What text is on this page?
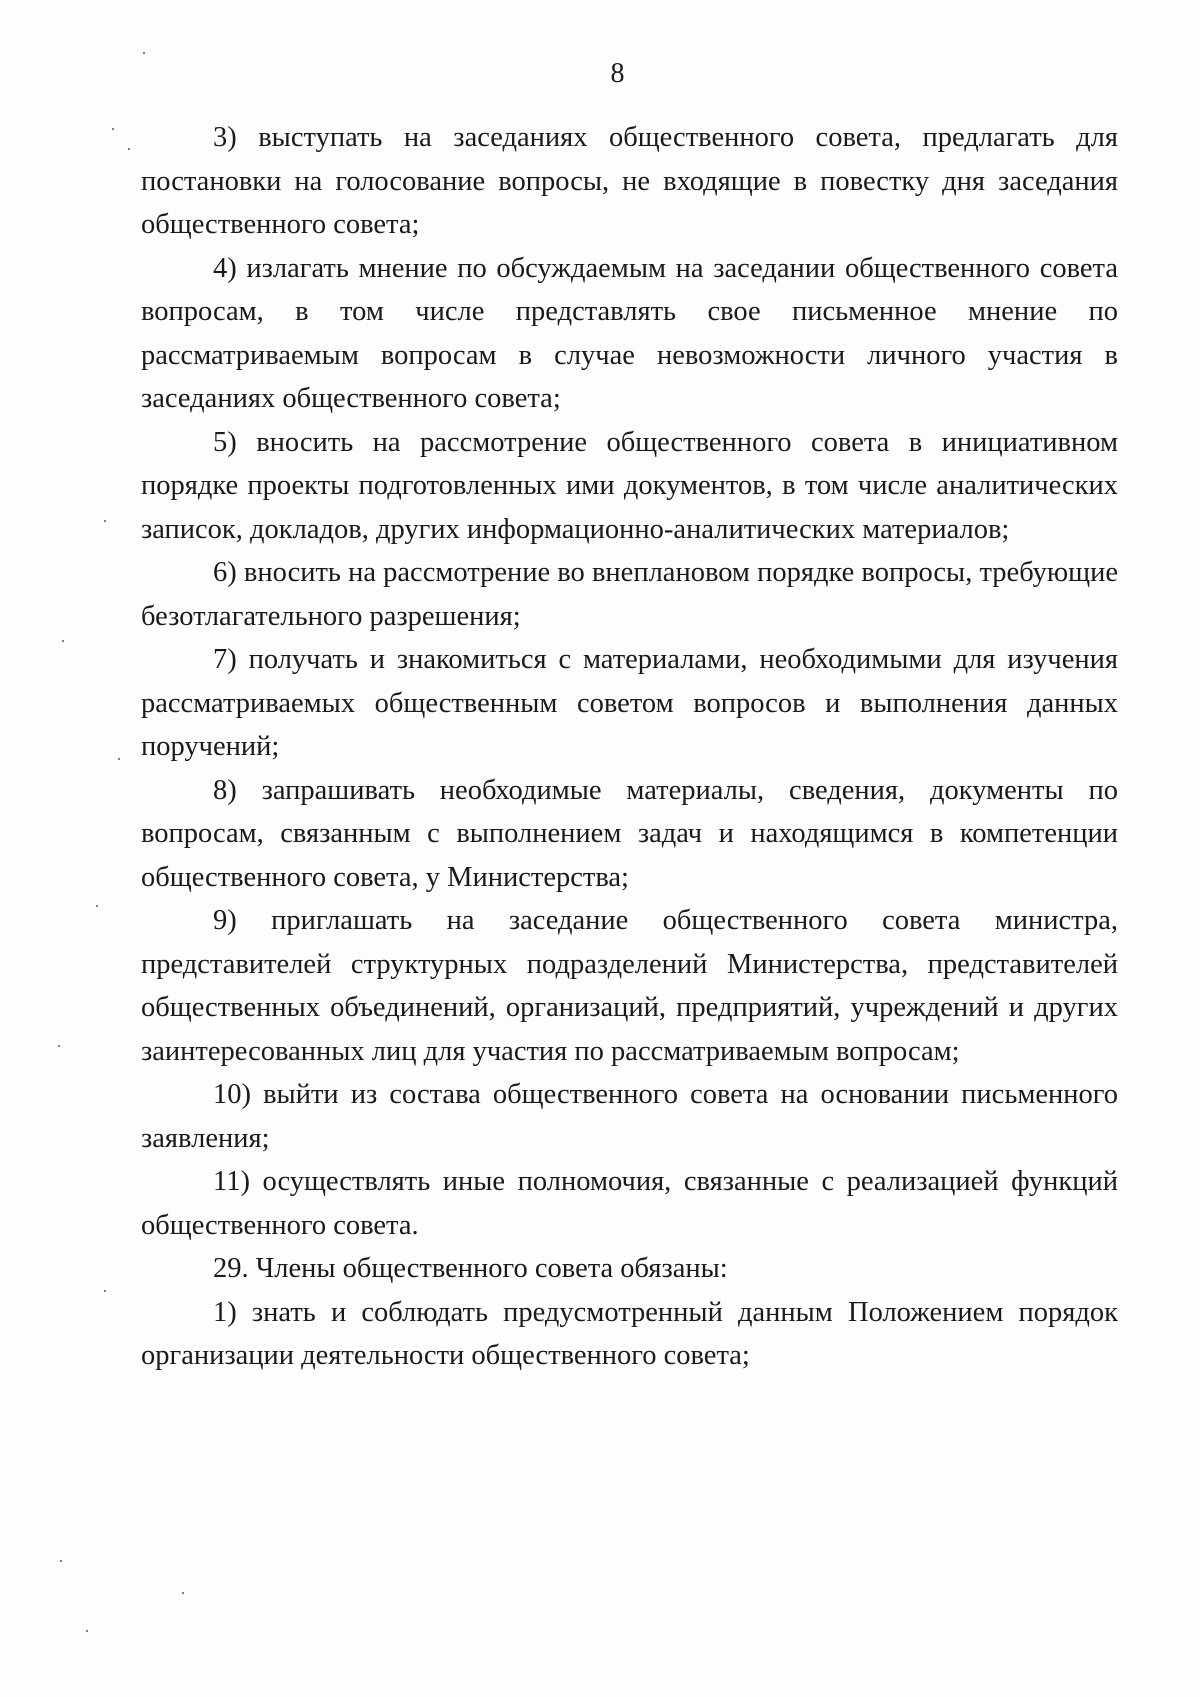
8

3) выступать на заседаниях общественного совета, предлагать для постановки на голосование вопросы, не входящие в повестку дня заседания общественного совета;

4) излагать мнение по обсуждаемым на заседании общественного совета вопросам, в том числе представлять свое письменное мнение по рассматриваемым вопросам в случае невозможности личного участия в заседаниях общественного совета;

5) вносить на рассмотрение общественного совета в инициативном порядке проекты подготовленных ими документов, в том числе аналитических записок, докладов, других информационно-аналитических материалов;

6) вносить на рассмотрение во внеплановом порядке вопросы, требующие безотлагательного разрешения;

7) получать и знакомиться с материалами, необходимыми для изучения рассматриваемых общественным советом вопросов и выполнения данных поручений;

8) запрашивать необходимые материалы, сведения, документы по вопросам, связанным с выполнением задач и находящимся в компетенции общественного совета, у Министерства;

9) приглашать на заседание общественного совета министра, представителей структурных подразделений Министерства, представителей общественных объединений, организаций, предприятий, учреждений и других заинтересованных лиц для участия по рассматриваемым вопросам;

10) выйти из состава общественного совета на основании письменного заявления;

11) осуществлять иные полномочия, связанные с реализацией функций общественного совета.

29. Члены общественного совета обязаны:

1) знать и соблюдать предусмотренный данным Положением порядок организации деятельности общественного совета;
